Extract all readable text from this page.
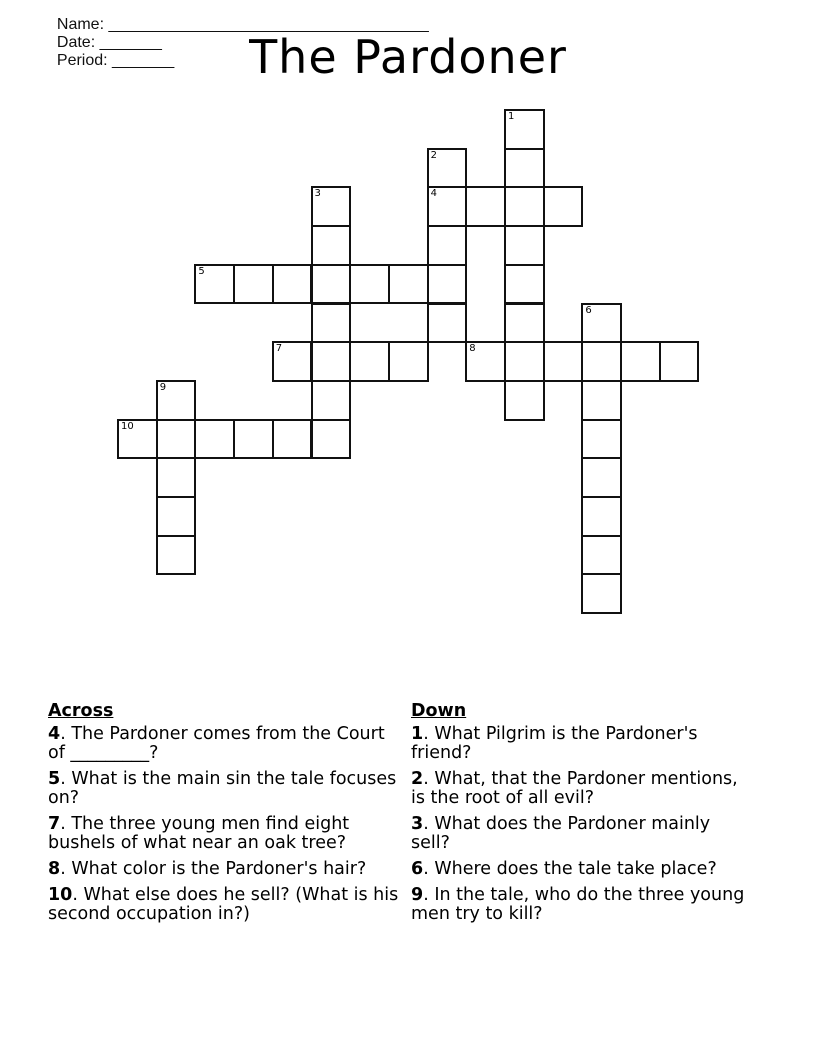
Name: ____________________________________
Date: _______
Period: _______	The Pardoner
1
2
3	4
5
6
7	8
9
10
Across
4. The Pardoner comes from the Court of _________?
5. What is the main sin the tale focuses on?
7. The three young men find eight bushels of what near an oak tree?
8. What color is the Pardoner's hair?
10. What else does he sell? (What is his second occupation in?)
Down
1. What Pilgrim is the Pardoner's friend?
2. What, that the Pardoner mentions, is the root of all evil?
3. What does the Pardoner mainly sell?
6. Where does the tale take place?
9. In the tale, who do the three young men try to kill?
